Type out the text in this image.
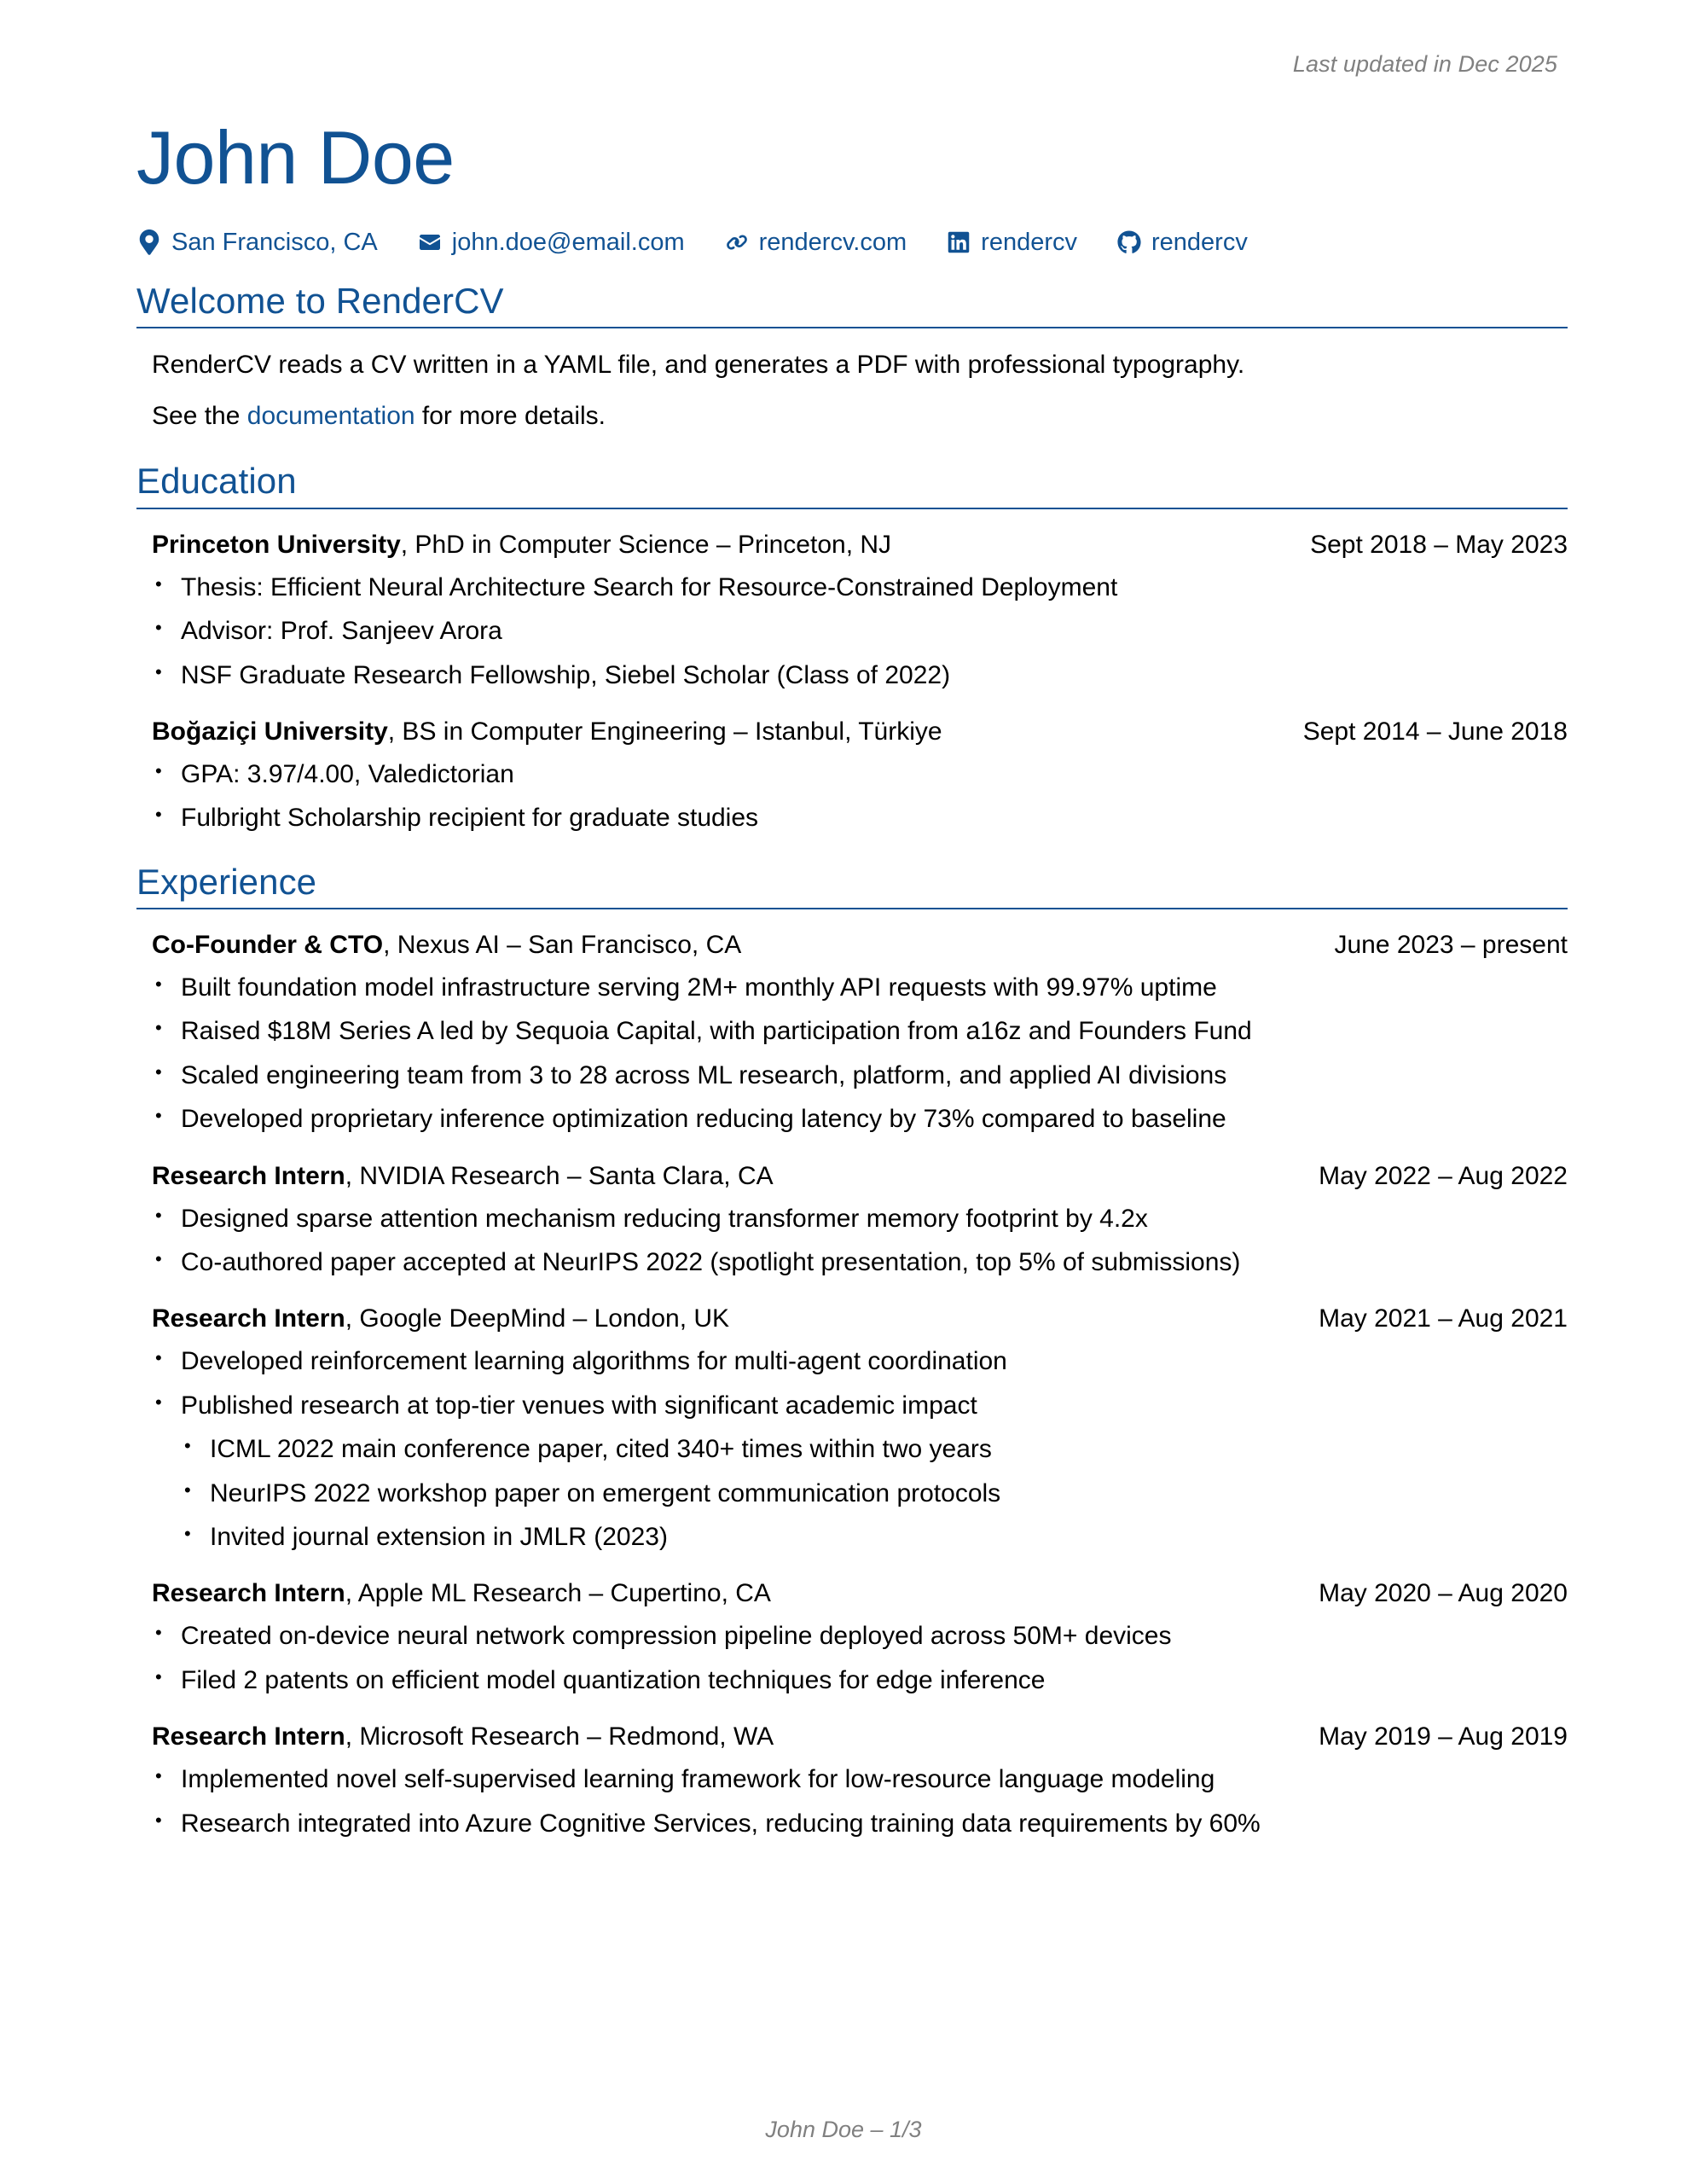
Last updated in Dec 2025
John Doe
San Francisco, CA	john.doe@email.com	rendercv.com	rendercv	rendercv
Welcome to RenderCV
RenderCV reads a CV written in a YAML file, and generates a PDF with professional typography.
See the documentation for more details.
Education
Princeton University, PhD in Computer Science – Princeton, NJ	Sept 2018 – May 2023
• Thesis: Efficient Neural Architecture Search for Resource-Constrained Deployment
• Advisor: Prof. Sanjeev Arora
• NSF Graduate Research Fellowship, Siebel Scholar (Class of 2022)
Boğaziçi University, BS in Computer Engineering – Istanbul, Türkiye	Sept 2014 – June 2018
• GPA: 3.97/4.00, Valedictorian
• Fulbright Scholarship recipient for graduate studies
Experience
Co-Founder & CTO, Nexus AI – San Francisco, CA	June 2023 – present
• Built foundation model infrastructure serving 2M+ monthly API requests with 99.97% uptime
• Raised $18M Series A led by Sequoia Capital, with participation from a16z and Founders Fund
• Scaled engineering team from 3 to 28 across ML research, platform, and applied AI divisions
• Developed proprietary inference optimization reducing latency by 73% compared to baseline
Research Intern, NVIDIA Research – Santa Clara, CA	May 2022 – Aug 2022
• Designed sparse attention mechanism reducing transformer memory footprint by 4.2x
• Co-authored paper accepted at NeurIPS 2022 (spotlight presentation, top 5% of submissions)
Research Intern, Google DeepMind – London, UK	May 2021 – Aug 2021
• Developed reinforcement learning algorithms for multi-agent coordination
• Published research at top-tier venues with significant academic impact
• ICML 2022 main conference paper, cited 340+ times within two years
• NeurIPS 2022 workshop paper on emergent communication protocols
• Invited journal extension in JMLR (2023)
Research Intern, Apple ML Research – Cupertino, CA	May 2020 – Aug 2020
• Created on-device neural network compression pipeline deployed across 50M+ devices
• Filed 2 patents on efficient model quantization techniques for edge inference
Research Intern, Microsoft Research – Redmond, WA	May 2019 – Aug 2019
• Implemented novel self-supervised learning framework for low-resource language modeling
• Research integrated into Azure Cognitive Services, reducing training data requirements by 60%
John Doe – 1/3
